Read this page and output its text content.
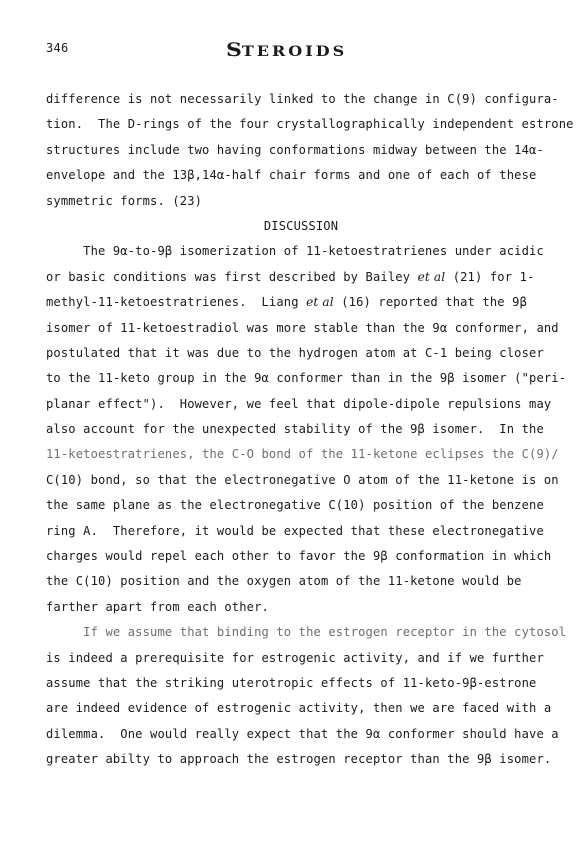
346	STEROIDS
difference is not necessarily linked to the change in C(9) configura-
tion.  The D-rings of the four crystallographically independent estrone
structures include two having conformations midway between the 14α-
envelope and the 13β,14α-half chair forms and one of each of these
symmetric forms. (23)
DISCUSSION
The 9α-to-9β isomerization of 11-ketoestratrienes under acidic
or basic conditions was first described by Bailey et al (21) for 1-
methyl-11-ketoestratrienes.  Liang et al (16) reported that the 9β
isomer of 11-ketoestradiol was more stable than the 9α conformer, and
postulated that it was due to the hydrogen atom at C-1 being closer
to the 11-keto group in the 9α conformer than in the 9β isomer ("peri-
planar effect").  However, we feel that dipole-dipole repulsions may
also account for the unexpected stability of the 9β isomer.  In the
11-ketoestratrienes, the C-O bond of the 11-ketone eclipses the C(9)/
C(10) bond, so that the electronegative O atom of the 11-ketone is on
the same plane as the electronegative C(10) position of the benzene
ring A.  Therefore, it would be expected that these electronegative
charges would repel each other to favor the 9β conformation in which
the C(10) position and the oxygen atom of the 11-ketone would be
farther apart from each other.
If we assume that binding to the estrogen receptor in the cytosol
is indeed a prerequisite for estrogenic activity, and if we further
assume that the striking uterotropic effects of 11-keto-9β-estrone
are indeed evidence of estrogenic activity, then we are faced with a
dilemma.  One would really expect that the 9α conformer should have a
greater abilty to approach the estrogen receptor than the 9β isomer.
